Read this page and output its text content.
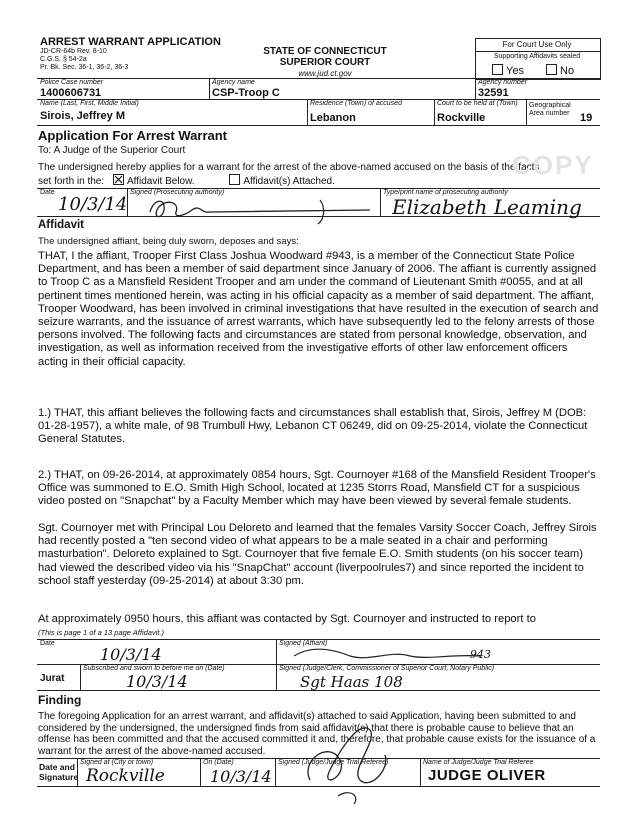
ARREST WARRANT APPLICATION
JD-CR-64b Rev. 8-10
C.G.S. § 54-2a
Pr. Bk. Sec. 36-1, 36-2, 36-3
STATE OF CONNECTICUT
SUPERIOR COURT
www.jud.ct.gov
For Court Use Only
Supporting Affidavits sealed
Yes	No
Police Case number
1400606731
Agency name
CSP-Troop C
Agency number
32591
Name (Last, First, Middle Initial)
Sirois, Jeffrey M
Residence (Town) of accused
Lebanon
Court to be held at (Town)
Rockville
Geographical Area number 19
Application For Arrest Warrant
To: A Judge of the Superior Court
The undersigned hereby applies for a warrant for the arrest of the above-named accused on the basis of the facts
set forth in the: Affidavit Below.	Affidavit(s) Attached.
COPY
Date
10/3/14
Signed (Prosecuting authority)	Type/print name of prosecuting authority
Elizabeth Leaming
Affidavit
The undersigned affiant, being duly sworn, deposes and says:
THAT, I the affiant, Trooper First Class Joshua Woodward #943, is a member of the Connecticut State Police Department, and has been a member of said department since January of 2006. The affiant is currently assigned to Troop C as a Mansfield Resident Trooper and am under the command of Lieutenant Smith #0055, and at all pertinent times mentioned herein, was acting in his official capacity as a member of said department. The affiant, Trooper Woodward, has been involved in criminal investigations that have resulted in the execution of search and seizure warrants, and the issuance of arrest warrants, which have subsequently led to the felony arrests of those persons involved. The following facts and circumstances are stated from personal knowledge, observation, and investigation, as well as information received from the investigative efforts of other law enforcement officers acting in their official capacity.
1.) THAT, this affiant believes the following facts and circumstances shall establish that, Sirois, Jeffrey M (DOB: 01-28-1957), a white male, of 98 Trumbull Hwy, Lebanon CT 06249, did on 09-25-2014, violate the Connecticut General Statutes.
2.) THAT, on 09-26-2014, at approximately 0854 hours, Sgt. Cournoyer #168 of the Mansfield Resident Trooper's Office was summoned to E.O. Smith High School, located at 1235 Storrs Road, Mansfield CT for a suspicious video posted on "Snapchat" by a Faculty Member which may have been viewed by several female students.
Sgt. Cournoyer met with Principal Lou Deloreto and learned that the females Varsity Soccer Coach, Jeffrey Sirois had recently posted a "ten second video of what appears to be a male seated in a chair and performing masturbation". Deloreto explained to Sgt. Cournoyer that five female E.O. Smith students (on his soccer team) had viewed the described video via his "SnapChat" account (liverpoolrules7) and since reported the incident to school staff yesterday (09-25-2014) at about 3:30 pm.
At approximately 0950 hours, this affiant was contacted by Sgt. Cournoyer and instructed to report to
(This is page 1 of a 13 page Affidavit.)
Date
10/3/14
Signed (Affiant)
943
Jurat
Subscribed and sworn to before me on (Date)
10/3/14
Signed (Judge/Clerk, Commissioner of Superior Court, Notary Public)
Sgt Haas 108
Finding
The foregoing Application for an arrest warrant, and affidavit(s) attached to said Application, having been submitted to and considered by the undersigned, the undersigned finds from said affidavit(s) that there is probable cause to believe that an offense has been committed and that the accused committed it and, therefore, that probable cause exists for the issuance of a warrant for the arrest of the above-named accused.
Date and
Signature
Signed at (City or town)
Rockville
On (Date)
10/3/14
Signed (Judge/Judge Trial Referee)	Name of Judge/Judge Trial Referee
JUDGE OLIVER
